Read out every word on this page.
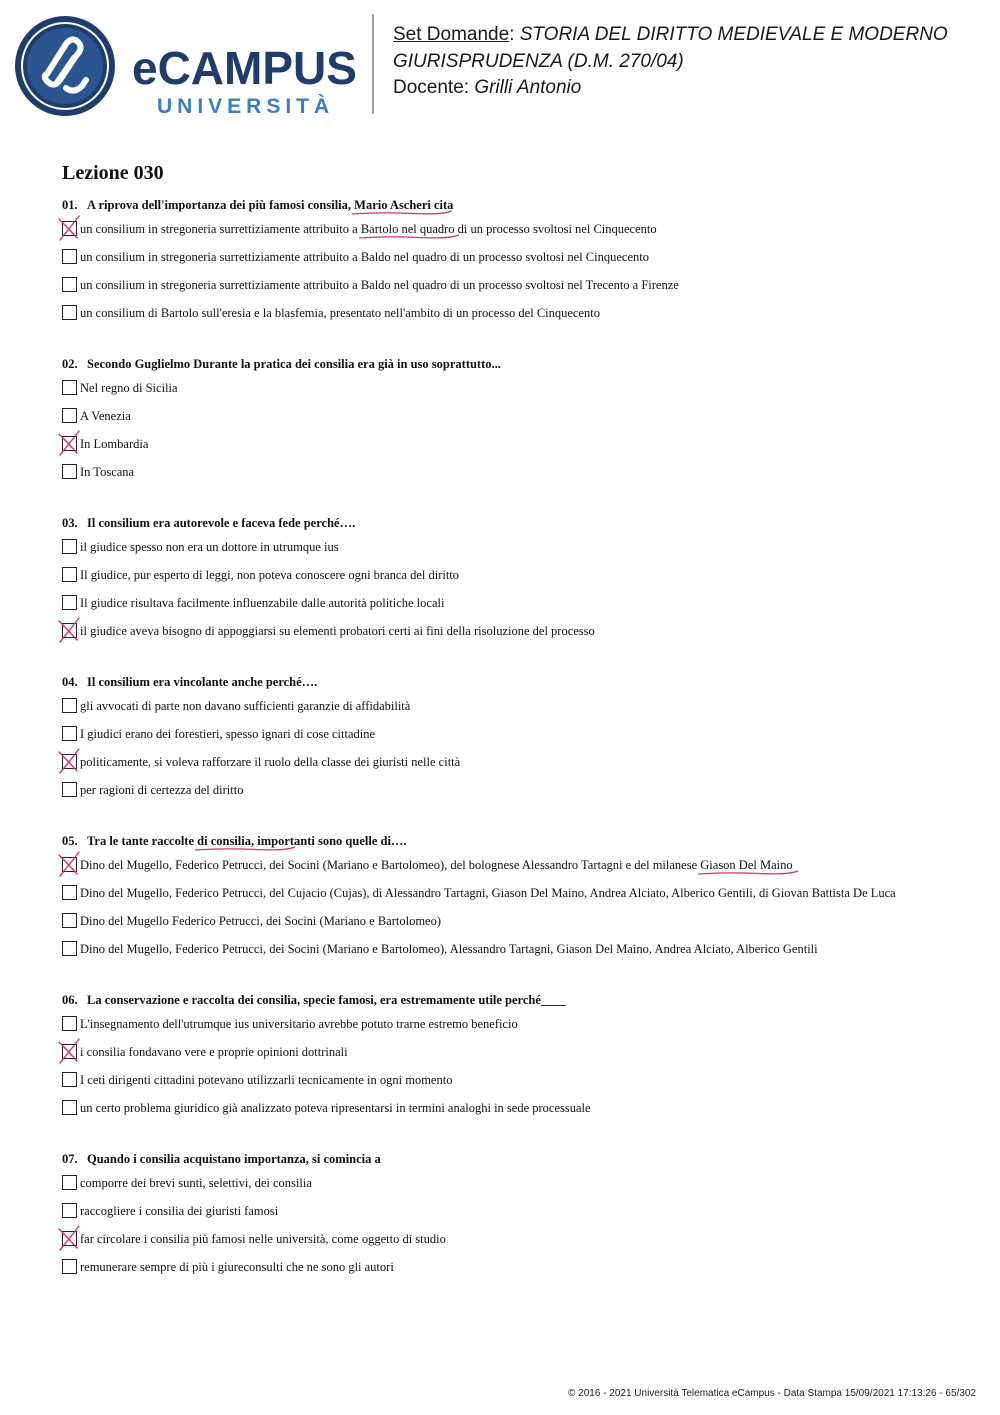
eCAMPUS
UNIVERSITÀ
Set Domande: STORIA DEL DIRITTO MEDIEVALE E MODERNO
GIURISPRUDENZA (D.M. 270/04)
Docente: Grilli Antonio
Lezione 030
01. A riprova dell'importanza dei più famosi consilia, Mario Ascheri
cita
un consilium in stregoneria surrettiziamente attribuito a Bartolo
nel quadro di un processo svoltosi nel Cinquecento
un consilium in stregoneria surrettiziamente attribuito a Baldo nel quadro di un processo svoltosi nel Cinquecento
un consilium in stregoneria surrettiziamente attribuito a Baldo nel quadro di un processo svoltosi nel Trecento a Firenze
un consilium di Bartolo sull'eresia e la blasfemia, presentato nell'ambito di un processo del Cinquecento
02. Secondo Guglielmo Durante la pratica dei consilia era già in uso soprattutto...
Nel regno di Sicilia
A Venezia
In Lombardia
In Toscana
03. Il consilium era autorevole e faceva fede perché….
il giudice spesso non era un dottore in utrumque ius
Il giudice, pur esperto di leggi, non poteva conoscere ogni branca del diritto
Il giudice risultava facilmente influenzabile dalle autorità politiche locali
il giudice aveva bisogno di appoggiarsi su elementi probatori certi ai fini della risoluzione del processo
04. Il consilium era vincolante anche perché….
gli avvocati di parte non davano sufficienti garanzie di affidabilità
I giudici erano dei forestieri, spesso ignari di cose cittadine
politicamente, si voleva rafforzare il ruolo della classe dei giuristi nelle città
per ragioni di certezza del diritto
05. Tra le tante raccolte di consilia
, importanti sono quelle di….
Dino del Mugello, Federico Petrucci, dei Socini (Mariano e Bartolomeo), del bolognese Alessandro Tartagni e del milanese Giason Del Maino
Dino del Mugello, Federico Petrucci, del Cujacio (Cujas), di Alessandro Tartagni, Giason Del Maino, Andrea Alciato, Alberico Gentili, di Giovan Battista De Luca
Dino del Mugello Federico Petrucci, dei Socini (Mariano e Bartolomeo)
Dino del Mugello, Federico Petrucci, dei Socini (Mariano e Bartolomeo), Alessandro Tartagni, Giason Del Maino, Andrea Alciato, Alberico Gentili
06. La conservazione e raccolta dei consilia, specie famosi, era estremamente utile perché____
L'insegnamento dell'utrumque ius universitario avrebbe potuto trarne estremo beneficio
i consilia fondavano vere e proprie opinioni dottrinali
I ceti dirigenti cittadini potevano utilizzarli tecnicamente in ogni momento
un certo problema giuridico già analizzato poteva ripresentarsi in termini analoghi in sede processuale
07. Quando i consilia acquistano importanza, si comincia a
comporre dei brevi sunti, selettivi, dei consilia
raccogliere i consilia dei giuristi famosi
far circolare i consilia più famosi nelle università, come oggetto di studio
remunerare sempre di più i giureconsulti che ne sono gli autori
© 2016 - 2021 Università Telematica eCampus - Data Stampa 15/09/2021 17:13:26 - 65/302
